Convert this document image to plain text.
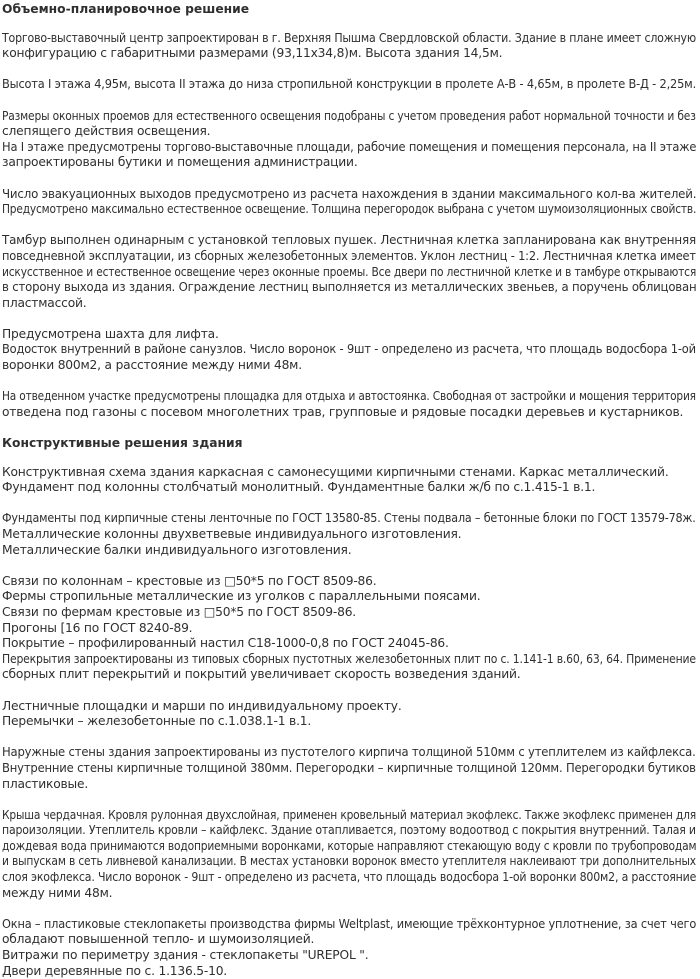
Объемно-планировочное решение

Торгово-выставочный центр запроектирован в г. Верхняя Пышма Свердловской области. Здание в плане имеет сложную
конфигурацию с габаритными размерами (93,11х34,8)м. Высота здания 14,5м.

Высота I этажа 4,95м, высота II этажа до низа стропильной конструкции в пролете А-В - 4,65м, в пролете В-Д - 2,25м.

Размеры оконных проемов для естественного освещения подобраны с учетом проведения работ нормальной точности и без
слепящего действия освещения.
На I этаже предусмотрены торгово-выставочные площади, рабочие помещения и помещения персонала, на II этаже
запроектированы бутики и помещения администрации.

Число эвакуационных выходов предусмотрено из расчета нахождения в здании максимального кол-ва жителей.
Предусмотрено максимально естественное освещение. Толщина перегородок выбрана с учетом шумоизоляционных свойств.

Тамбур выполнен одинарным с установкой тепловых пушек. Лестничная клетка запланирована как внутренняя
повседневной эксплуатации, из сборных железобетонных элементов. Уклон лестниц - 1:2. Лестничная клетка имеет
искусственное и естественное освещение через оконные проемы. Все двери по лестничной клетке и в тамбуре открываются
в сторону выхода из здания. Ограждение лестниц выполняется из металлических звеньев, а поручень облицован
пластмассой.

Предусмотрена шахта для лифта.
Водосток внутренний в районе санузлов. Число воронок - 9шт - определено из расчета, что площадь водосбора 1-ой
воронки 800м2, а расстояние между ними 48м.

На отведенном участке предусмотрены площадка для отдыха и автостоянка. Свободная от застройки и мощения территория
отведена под газоны с посевом многолетних трав, групповые и рядовые посадки деревьев и кустарников.

Конструктивные решения здания

Конструктивная схема здания каркасная с самонесущими кирпичными стенами. Каркас металлический.
Фундамент под колонны столбчатый монолитный. Фундаментные балки ж/б по с.1.415-1 в.1.

Фундаменты под кирпичные стены ленточные по ГОСТ 13580-85. Стены подвала – бетонные блоки по ГОСТ 13579-78ж.
Металлические колонны двухветвевые индивидуального изготовления.
Металлические балки индивидуального изготовления.

Связи по колоннам – крестовые из □50*5 по ГОСТ 8509-86.
Фермы стропильные металлические из уголков с параллельными поясами.
Связи по фермам крестовые из □50*5 по ГОСТ 8509-86.
Прогоны [16 по ГОСТ 8240-89.
Покрытие – профилированный настил С18-1000-0,8 по ГОСТ 24045-86.
Перекрытия запроектированы из типовых сборных пустотных железобетонных плит по с. 1.141-1 в.60, 63, 64. Применение
сборных плит перекрытий и покрытий увеличивает скорость возведения зданий.

Лестничные площадки и марши по индивидуальному проекту.
Перемычки – железобетонные по с.1.038.1-1 в.1.

Наружные стены здания запроектированы из пустотелого кирпича толщиной 510мм с утеплителем из кайфлекса.
Внутренние стены кирпичные толщиной 380мм. Перегородки – кирпичные толщиной 120мм. Перегородки бутиков
пластиковые.

Крыша чердачная. Кровля рулонная двухслойная, применен кровельный материал экофлекс. Также экофлекс применен для
пароизоляции. Утеплитель кровли – кайфлекс. Здание отапливается, поэтому водоотвод с покрытия внутренний. Талая и
дождевая вода принимаются водоприемными воронками, которые направляют стекающую воду с кровли по трубопроводам
и выпускам в сеть ливневой канализации. В местах установки воронок вместо утеплителя наклеивают три дополнительных
слоя экофлекса. Число воронок - 9шт - определено из расчета, что площадь водосбора 1-ой воронки 800м2, а расстояние
между ними 48м.

Окна – пластиковые стеклопакеты производства фирмы Weltplast, имеющие трёхконтурное уплотнение, за счет чего
обладают повышенной тепло- и шумоизоляцией.
Витражи по периметру здания - стеклопакеты "UREPOL ".
Двери деревянные по с. 1.136.5-10.
